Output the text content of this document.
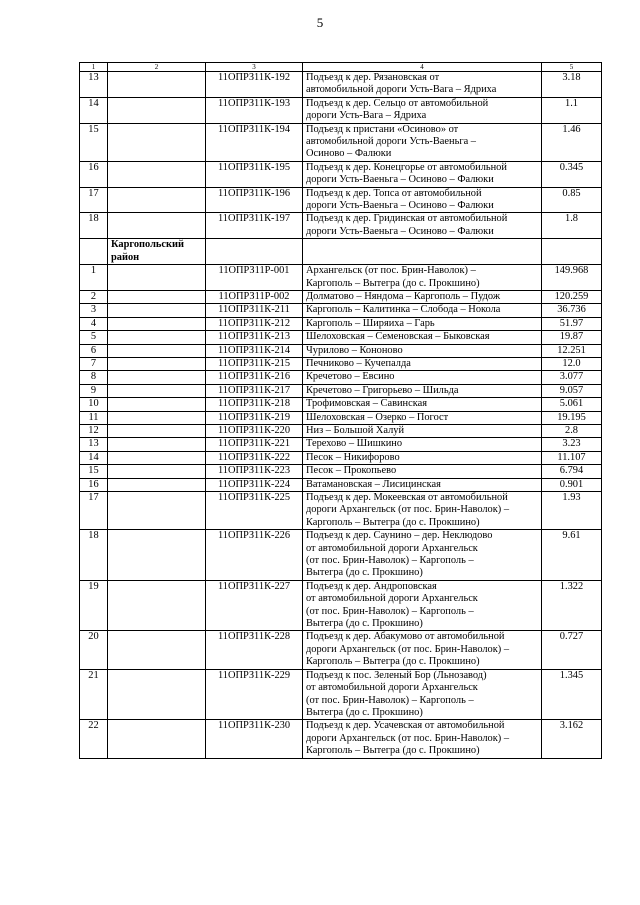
5
1	2	3	4	5
13		11ОПРЗ11К-192	Подъезд к дер. Рязановская от
автомобильной дороги Усть-Вага – Ядриха	3.18
14		11ОПРЗ11К-193	Подъезд к дер. Сельцо от автомобильной
дороги Усть-Вага – Ядриха	1.1
15		11ОПРЗ11К-194	Подъезд к пристани «Осиново» от
автомобильной дороги Усть-Ваеньга –
Осиново – Фалюки	1.46
16		11ОПРЗ11К-195	Подъезд к дер. Конецгорье от автомобильной
дороги Усть-Ваеньга – Осиново – Фалюки	0.345
17		11ОПРЗ11К-196	Подъезд к дер. Топса от автомобильной
дороги Усть-Ваеньга – Осиново – Фалюки	0.85
18		11ОПРЗ11К-197	Подъезд к дер. Гридинская от автомобильной
дороги Усть-Ваеньга – Осиново – Фалюки	1.8

	Каргопольский
район			

1		11ОПРЗ11Р-001	Архангельск (от пос. Брин-Наволок) –
Каргополь – Вытегра (до с. Прокшино)	149.968
2		11ОПРЗ11Р-002	Долматово – Няндома – Каргополь – Пудож	120.259
3		11ОПРЗ11К-211	Каргополь – Калитинка – Слобода – Нокола	36.736
4		11ОПРЗ11К-212	Каргополь – Ширяиха – Гарь	51.97
5		11ОПРЗ11К-213	Шелоховская – Семеновская – Быковская	19.87
6		11ОПРЗ11К-214	Чурилово – Кононово	12.251
7		11ОПРЗ11К-215	Печниково – Кучепалда	12.0
8		11ОПРЗ11К-216	Кречетово – Евсино	3.077
9		11ОПРЗ11К-217	Кречетово – Григорьево – Шильда	9.057
10		11ОПРЗ11К-218	Трофимовская – Савинская	5.061
11		11ОПРЗ11К-219	Шелоховская – Озерко – Погост	19.195
12		11ОПРЗ11К-220	Низ – Большой Халуй	2.8
13		11ОПРЗ11К-221	Терехово – Шишкино	3.23
14		11ОПРЗ11К-222	Песок – Никифорово	11.107
15		11ОПРЗ11К-223	Песок – Прокопьево	6.794
16		11ОПРЗ11К-224	Ватамановская – Лисицинская	0.901
17		11ОПРЗ11К-225	Подъезд к дер. Мокеевская от автомобильной
дороги Архангельск (от пос. Брин-Наволок) –
Каргополь – Вытегра (до с. Прокшино)	1.93
18		11ОПРЗ11К-226	Подъезд к дер. Саунино – дер. Неклюдово
от автомобильной дороги Архангельск
(от пос. Брин-Наволок) – Каргополь –
Вытегра (до с. Прокшино)	9.61
19		11ОПРЗ11К-227	Подъезд к дер. Андроповская
от автомобильной дороги Архангельск
(от пос. Брин-Наволок) – Каргополь –
Вытегра (до с. Прокшино)	1.322
20		11ОПРЗ11К-228	Подъезд к дер. Абакумово от автомобильной
дороги Архангельск (от пос. Брин-Наволок) –
Каргополь – Вытегра (до с. Прокшино)	0.727
21		11ОПРЗ11К-229	Подъезд к пос. Зеленый Бор (Льнозавод)
от автомобильной дороги Архангельск
(от пос. Брин-Наволок) – Каргополь –
Вытегра (до с. Прокшино)	1.345
22		11ОПРЗ11К-230	Подъезд к дер. Усачевская от автомобильной
дороги Архангельск (от пос. Брин-Наволок) –
Каргополь – Вытегра (до с. Прокшино)	3.162
